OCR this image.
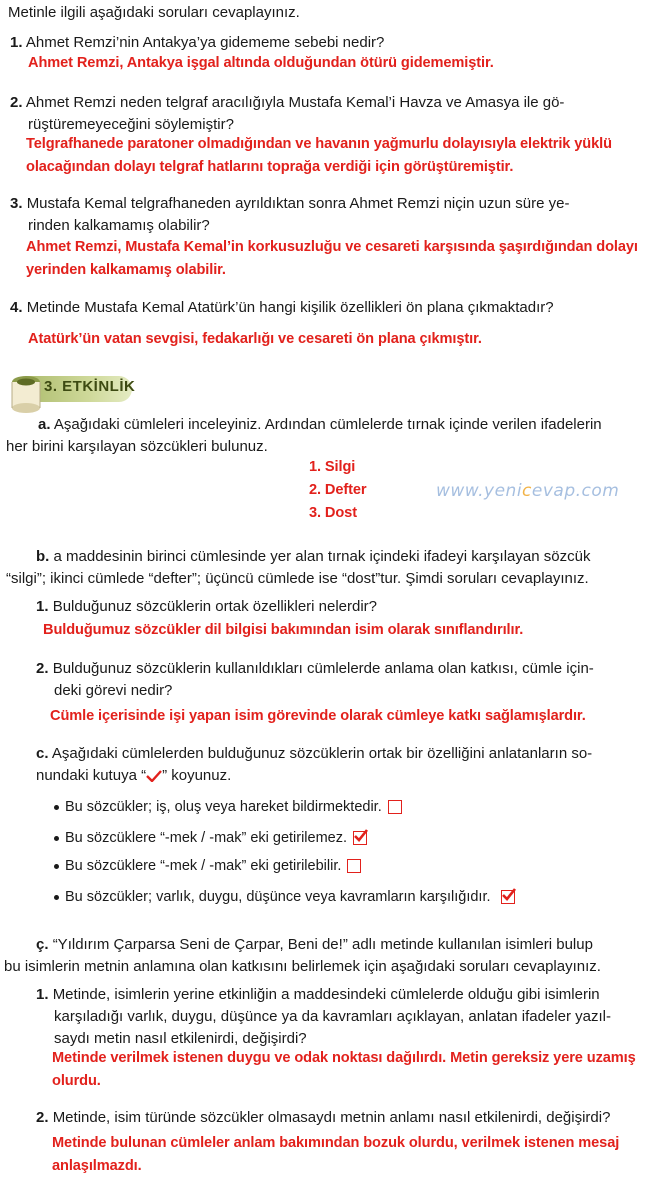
Metinle ilgili aşağıdaki soruları cevaplayınız.
1. Ahmet Remzi’nin Antakya’ya gidememe sebebi nedir?
Ahmet Remzi, Antakya işgal altında olduğundan ötürü gidememiştir.
2. Ahmet Remzi neden telgraf aracılığıyla Mustafa Kemal’i Havza ve Amasya ile gö-
rüştüremeyeceğini söylemiştir?
Telgrafhanede paratoner olmadığından ve havanın yağmurlu dolayısıyla elektrik yüklü
olacağından dolayı telgraf hatlarını toprağa verdiği için görüştüremiştir.
3. Mustafa Kemal telgrafhaneden ayrıldıktan sonra Ahmet Remzi niçin uzun süre ye-
rinden kalkamamış olabilir?
Ahmet Remzi, Mustafa Kemal’in korkusuzluğu ve cesareti karşısında şaşırdığından dolayı
yerinden kalkamamış olabilir.
4. Metinde Mustafa Kemal Atatürk’ün hangi kişilik özellikleri ön plana çıkmaktadır?
Atatürk’ün vatan sevgisi, fedakarlığı ve cesareti ön plana çıkmıştır.
3. ETKİNLİK
a. Aşağıdaki cümleleri inceleyiniz. Ardından cümlelerde tırnak içinde verilen ifadelerin
her birini karşılayan sözcükleri bulunuz.
1. Silgi
2. Defter
3. Dost
www.yenicevap.com
b. a maddesinin birinci cümlesinde yer alan tırnak içindeki ifadeyi karşılayan sözcük
“silgi”; ikinci cümlede “defter”; üçüncü cümlede ise “dost”tur. Şimdi soruları cevaplayınız.
1. Bulduğunuz sözcüklerin ortak özellikleri nelerdir?
Bulduğumuz sözcükler dil bilgisi bakımından isim olarak sınıflandırılır.
2. Bulduğunuz sözcüklerin kullanıldıkları cümlelerde anlama olan katkısı, cümle için-
deki görevi nedir?
Cümle içerisinde işi yapan isim görevinde olarak cümleye katkı sağlamışlardır.
c. Aşağıdaki cümlelerden bulduğunuz sözcüklerin ortak bir özelliğini anlatanların so-
nundaki kutuya “ ” koyunuz.
Bu sözcükler; iş, oluş veya hareket bildirmektedir.
Bu sözcüklere “-mek / -mak” eki getirilemez.
Bu sözcüklere “-mek / -mak” eki getirilebilir.
Bu sözcükler; varlık, duygu, düşünce veya kavramların karşılığıdır.
ç. “Yıldırım Çarparsa Seni de Çarpar, Beni de!” adlı metinde kullanılan isimleri bulup
bu isimlerin metnin anlamına olan katkısını belirlemek için aşağıdaki soruları cevaplayınız.
1. Metinde, isimlerin yerine etkinliğin a maddesindeki cümlelerde olduğu gibi isimlerin
karşıladığı varlık, duygu, düşünce ya da kavramları açıklayan, anlatan ifadeler yazıl-
saydı metin nasıl etkilenirdi, değişirdi?
Metinde verilmek istenen duygu ve odak noktası dağılırdı. Metin gereksiz yere uzamış
olurdu.
2. Metinde, isim türünde sözcükler olmasaydı metnin anlamı nasıl etkilenirdi, değişirdi?
Metinde bulunan cümleler anlam bakımından bozuk olurdu, verilmek istenen mesaj
anlaşılmazdı.
